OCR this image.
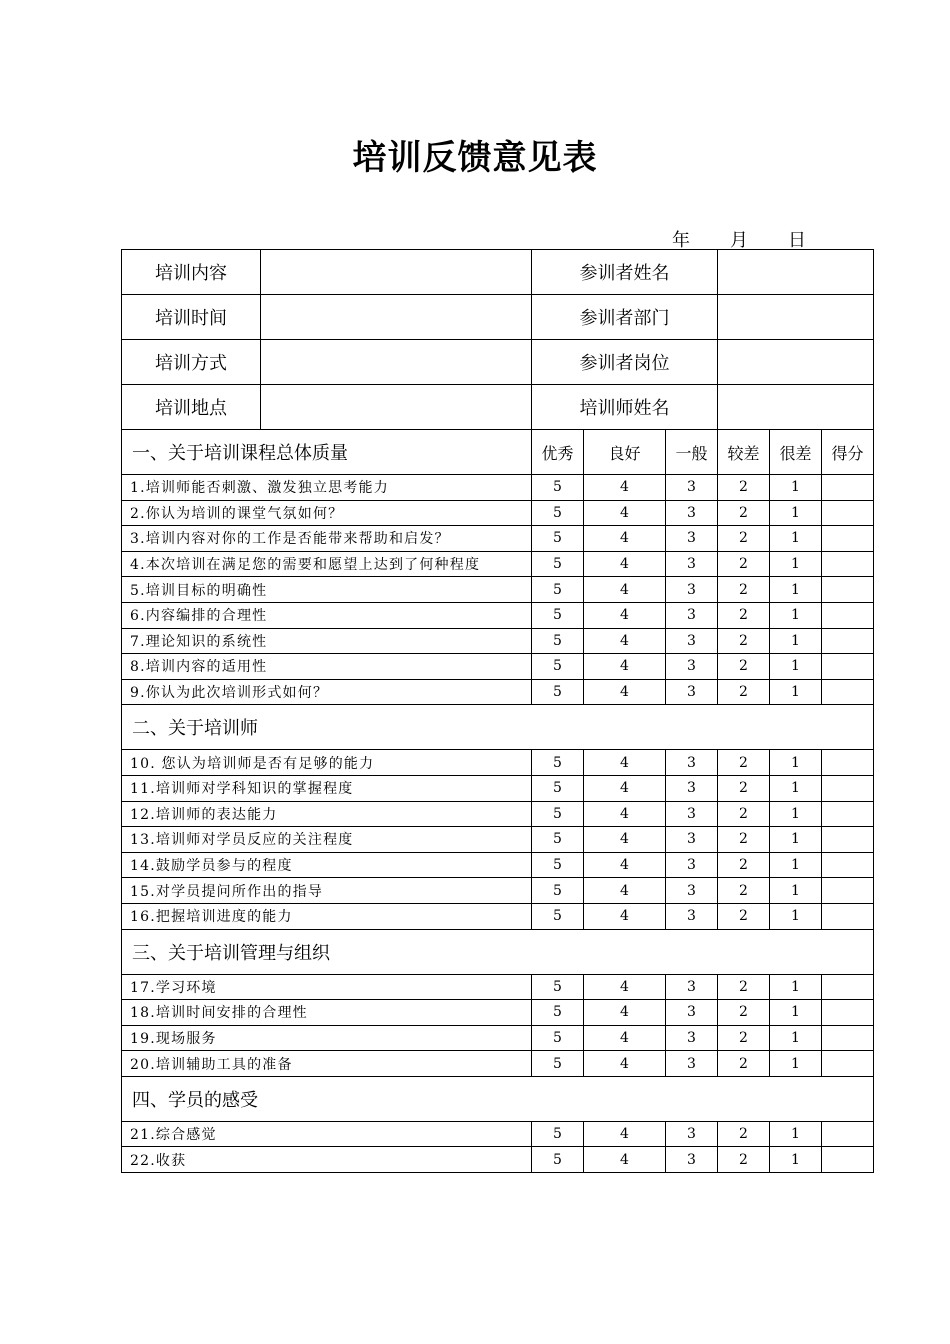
培训反馈意见表
年 月 日
培训内容		参训者姓名					
培训时间		参训者部门					
培训方式		参训者岗位					
培训地点		培训师姓名					
一、关于培训课程总体质量		优秀	良好	一般	较差	很差	得分
1.培训师能否刺激、激发独立思考能力		5	4	3	2	1	
2.你认为培训的课堂气氛如何？		5	4	3	2	1	
3.培训内容对你的工作是否能带来帮助和启发？		5	4	3	2	1	
4.本次培训在满足您的需要和愿望上达到了何种程度		5	4	3	2	1	
5.培训目标的明确性		5	4	3	2	1	
6.内容编排的合理性		5	4	3	2	1	
7.理论知识的系统性		5	4	3	2	1	
8.培训内容的适用性		5	4	3	2	1	
9.你认为此次培训形式如何？		5	4	3	2	1	
二、关于培训师							
10. 您认为培训师是否有足够的能力		5	4	3	2	1	
11.培训师对学科知识的掌握程度		5	4	3	2	1	
12.培训师的表达能力		5	4	3	2	1	
13.培训师对学员反应的关注程度		5	4	3	2	1	
14.鼓励学员参与的程度		5	4	3	2	1	
15.对学员提问所作出的指导		5	4	3	2	1	
16.把握培训进度的能力		5	4	3	2	1	
三、关于培训管理与组织							
17.学习环境		5	4	3	2	1	
18.培训时间安排的合理性		5	4	3	2	1	
19.现场服务		5	4	3	2	1	
20.培训辅助工具的准备		5	4	3	2	1	
四、学员的感受							
21.综合感觉		5	4	3	2	1	
22.收获		5	4	3	2	1	
